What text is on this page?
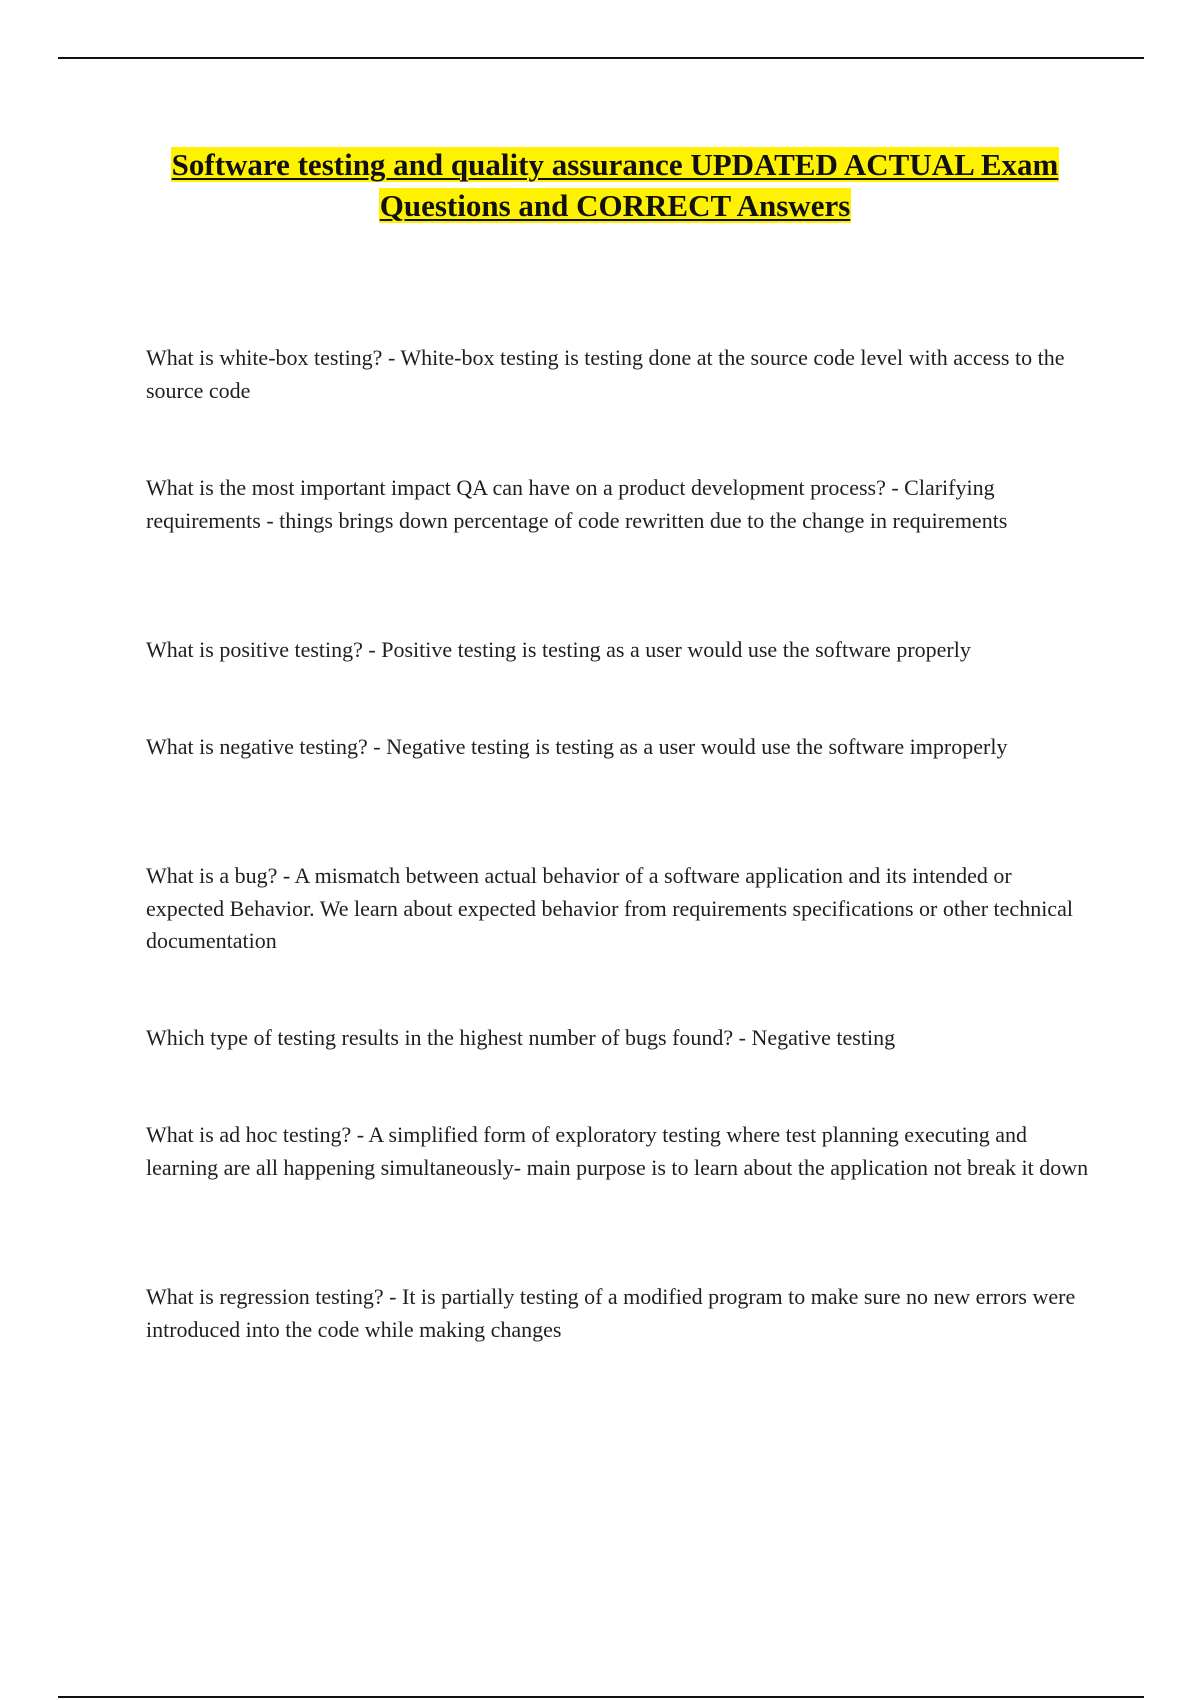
Software testing and quality assurance UPDATED ACTUAL Exam Questions and CORRECT Answers

What is white-box testing? - White-box testing is testing done at the source code level with access to the source code

What is the most important impact QA can have on a product development process? - Clarifying requirements - things brings down percentage of code rewritten due to the change in requirements

What is positive testing? - Positive testing is testing as a user would use the software properly

What is negative testing? - Negative testing is testing as a user would use the software improperly

What is a bug? - A mismatch between actual behavior of a software application and its intended or expected Behavior. We learn about expected behavior from requirements specifications or other technical documentation

Which type of testing results in the highest number of bugs found? - Negative testing

What is ad hoc testing? - A simplified form of exploratory testing where test planning executing and learning are all happening simultaneously- main purpose is to learn about the application not break it down

What is regression testing? - It is partially testing of a modified program to make sure no new errors were introduced into the code while making changes
